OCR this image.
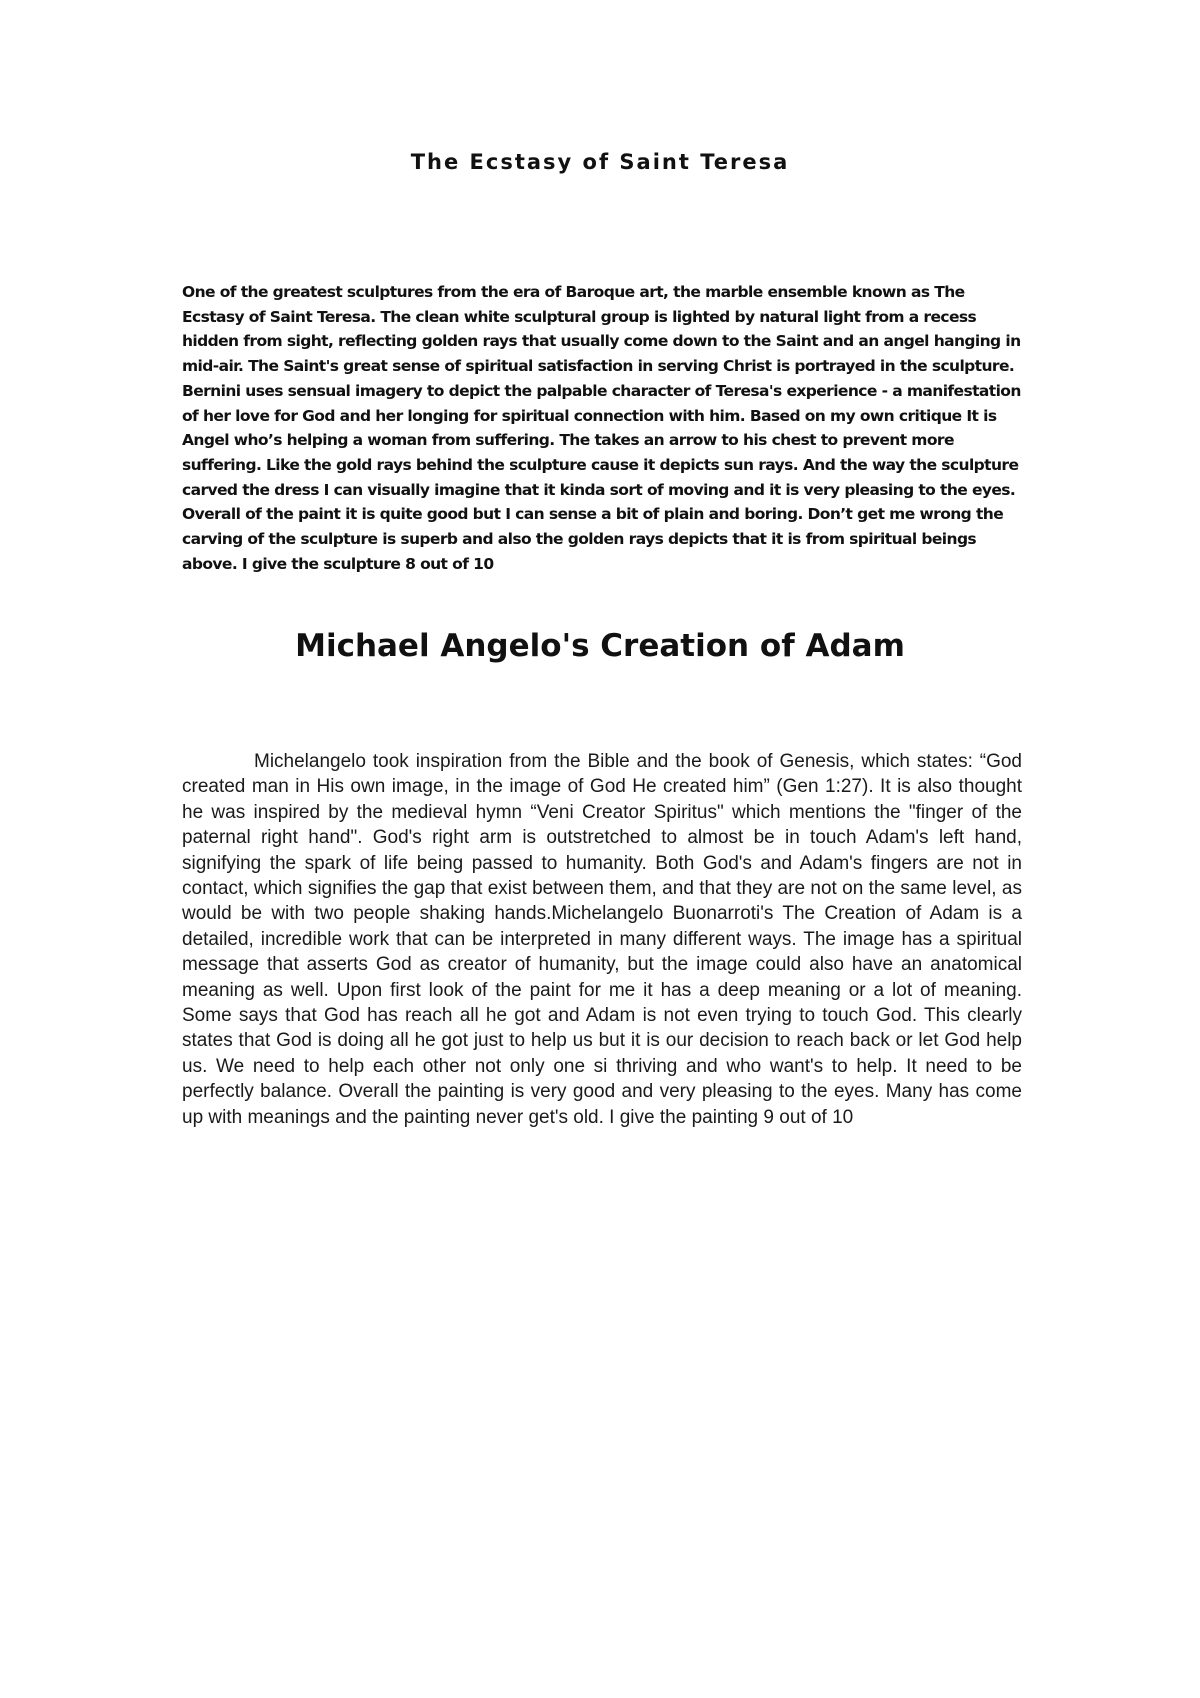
The Ecstasy of Saint Teresa

One of the greatest sculptures from the era of Baroque art, the marble ensemble known as The Ecstasy of Saint Teresa. The clean white sculptural group is lighted by natural light from a recess hidden from sight, reflecting golden rays that usually come down to the Saint and an angel hanging in mid-air. The Saint's great sense of spiritual satisfaction in serving Christ is portrayed in the sculpture. Bernini uses sensual imagery to depict the palpable character of Teresa's experience - a manifestation of her love for God and her longing for spiritual connection with him. Based on my own critique It is Angel who’s helping a woman from suffering. The takes an arrow to his chest to prevent more suffering. Like the gold rays behind the sculpture cause it depicts sun rays. And the way the sculpture carved the dress I can visually imagine that it kinda sort of moving and it is very pleasing to the eyes. Overall of the paint it is quite good but I can sense a bit of plain and boring. Don’t get me wrong the carving of the sculpture is superb and also the golden rays depicts that it is from spiritual beings above. I give the sculpture 8 out of 10

Michael Angelo's Creation of Adam

Michelangelo took inspiration from the Bible and the book of Genesis, which states: “God created man in His own image, in the image of God He created him” (Gen 1:27). It is also thought he was inspired by the medieval hymn “Veni Creator Spiritus" which mentions the "finger of the paternal right hand". God's right arm is outstretched to almost be in touch Adam's left hand, signifying the spark of life being passed to humanity. Both God's and Adam's fingers are not in contact, which signifies the gap that exist between them, and that they are not on the same level, as would be with two people shaking hands.Michelangelo Buonarroti's The Creation of Adam is a detailed, incredible work that can be interpreted in many different ways. The image has a spiritual message that asserts God as creator of humanity, but the image could also have an anatomical meaning as well. Upon first look of the paint for me it has a deep meaning or a lot of meaning. Some says that God has reach all he got and Adam is not even trying to touch God. This clearly states that God is doing all he got just to help us but it is our decision to reach back or let God help us. We need to help each other not only one si thriving and who want's to help. It need to be perfectly balance. Overall the painting is very good and very pleasing to the eyes. Many has come up with meanings and the painting never get's old. I give the painting 9 out of 10
